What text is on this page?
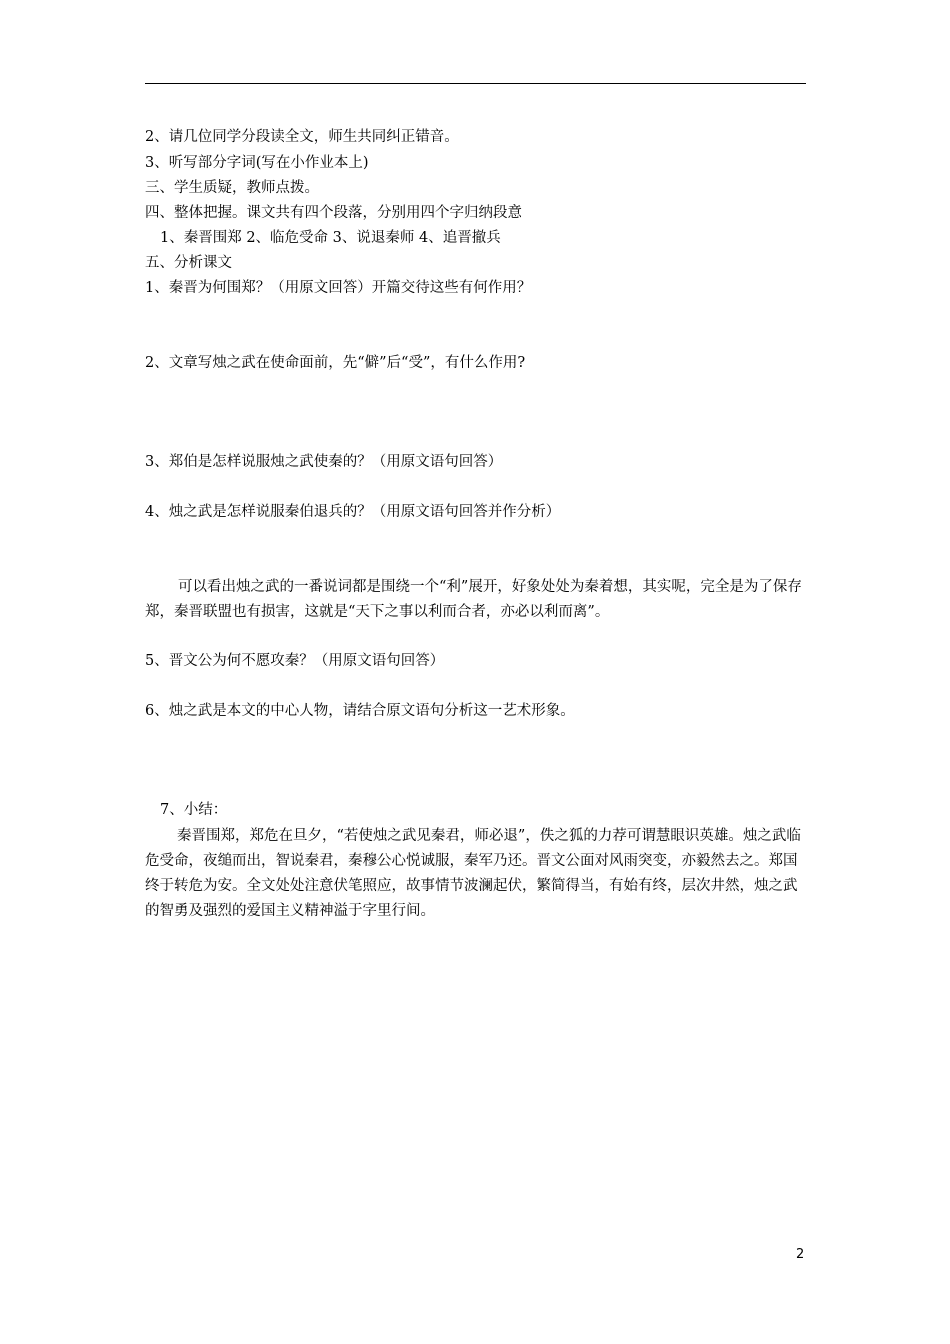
2、请几位同学分段读全文，师生共同纠正错音。
3、听写部分字词(写在小作业本上)
三、学生质疑，教师点拨。
四、整体把握。课文共有四个段落，分别用四个字归纳段意
1、秦晋围郑 2、临危受命 3、说退秦师 4、追晋撤兵
五、分析课文
1、秦晋为何围郑？（用原文回答）开篇交待这些有何作用？
2、文章写烛之武在使命面前，先“僻”后“受”，有什么作用?
3、郑伯是怎样说服烛之武使秦的？（用原文语句回答）
4、烛之武是怎样说服秦伯退兵的？（用原文语句回答并作分析）
可以看出烛之武的一番说词都是围绕一个“利”展开，好象处处为秦着想，其实呢，完全是为了保存郑，秦晋联盟也有损害，这就是“天下之事以利而合者，亦必以利而离”。
5、晋文公为何不愿攻秦？（用原文语句回答）
6、烛之武是本文的中心人物，请结合原文语句分析这一艺术形象。
7、小结：
秦晋围郑，郑危在旦夕，“若使烛之武见秦君，师必退”，佚之狐的力荐可谓慧眼识英雄。烛之武临危受命，夜缒而出，智说秦君，秦穆公心悦诚服，秦军乃还。晋文公面对风雨突变，亦毅然去之。郑国终于转危为安。全文处处注意伏笔照应，故事情节波澜起伏，繁简得当，有始有终，层次井然，烛之武的智勇及强烈的爱国主义精神溢于字里行间。
2
